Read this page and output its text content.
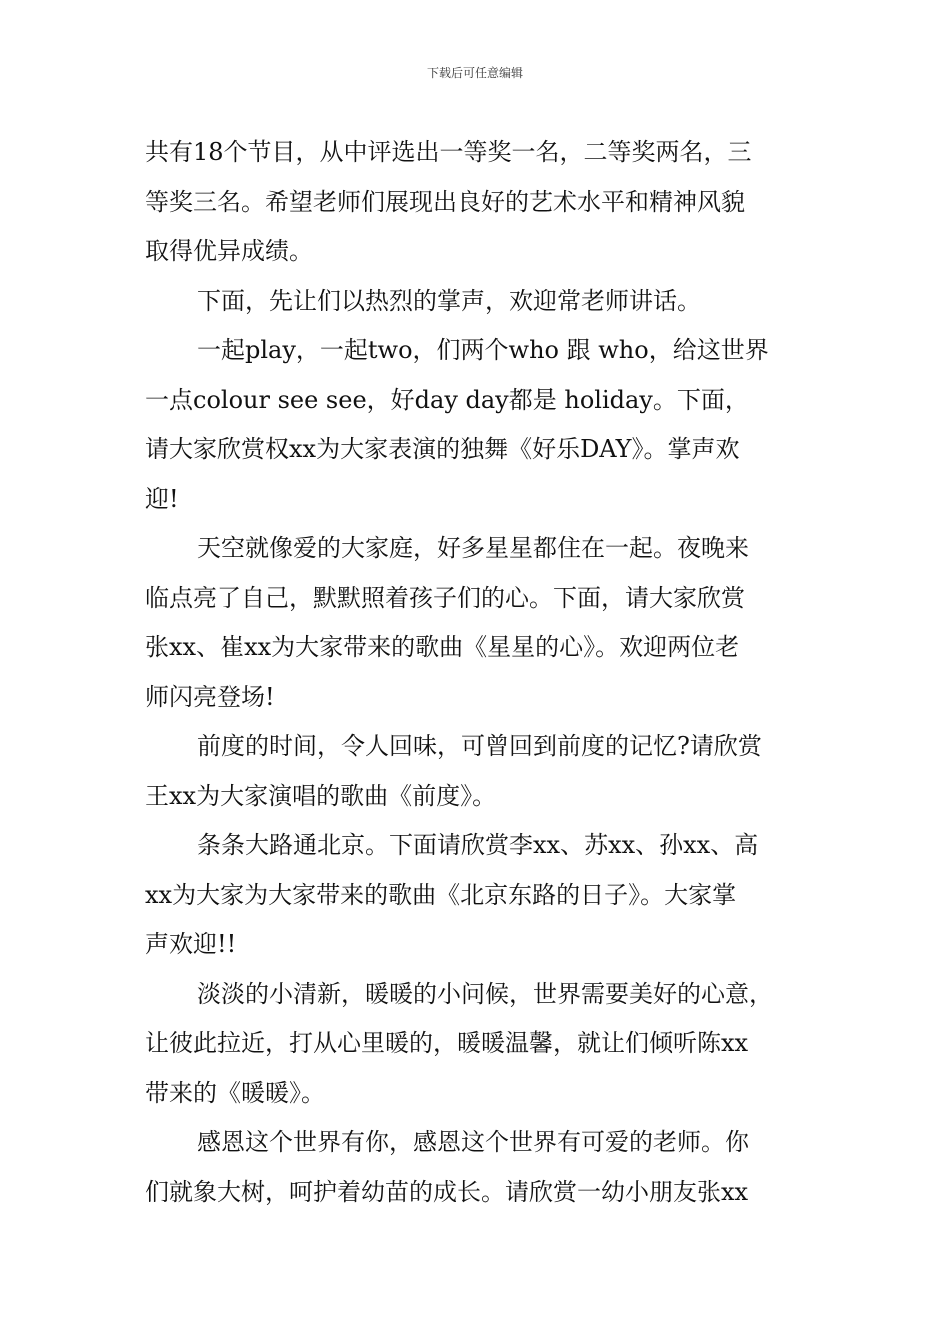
下载后可任意编辑
共有18个节目，从中评选出一等奖一名，二等奖两名，三
等奖三名。希望老师们展现出良好的艺术水平和精神风貌
取得优异成绩。
下面，先让们以热烈的掌声，欢迎常老师讲话。
一起play，一起two，们两个who 跟 who，给这世界
一点colour see see，好day day都是 holiday。下面，
请大家欣赏权xx为大家表演的独舞《好乐DAY》。掌声欢
迎!
天空就像爱的大家庭，好多星星都住在一起。夜晚来
临点亮了自己，默默照着孩子们的心。下面，请大家欣赏
张xx、崔xx为大家带来的歌曲《星星的心》。欢迎两位老
师闪亮登场!
前度的时间，令人回味，可曾回到前度的记忆?请欣赏
王xx为大家演唱的歌曲《前度》。
条条大路通北京。下面请欣赏李xx、苏xx、孙xx、高
xx为大家为大家带来的歌曲《北京东路的日子》。大家掌
声欢迎!!
淡淡的小清新，暖暖的小问候，世界需要美好的心意，
让彼此拉近，打从心里暖的，暖暖温馨，就让们倾听陈xx
带来的《暖暖》。
感恩这个世界有你，感恩这个世界有可爱的老师。你
们就象大树，呵护着幼苗的成长。请欣赏一幼小朋友张xx
